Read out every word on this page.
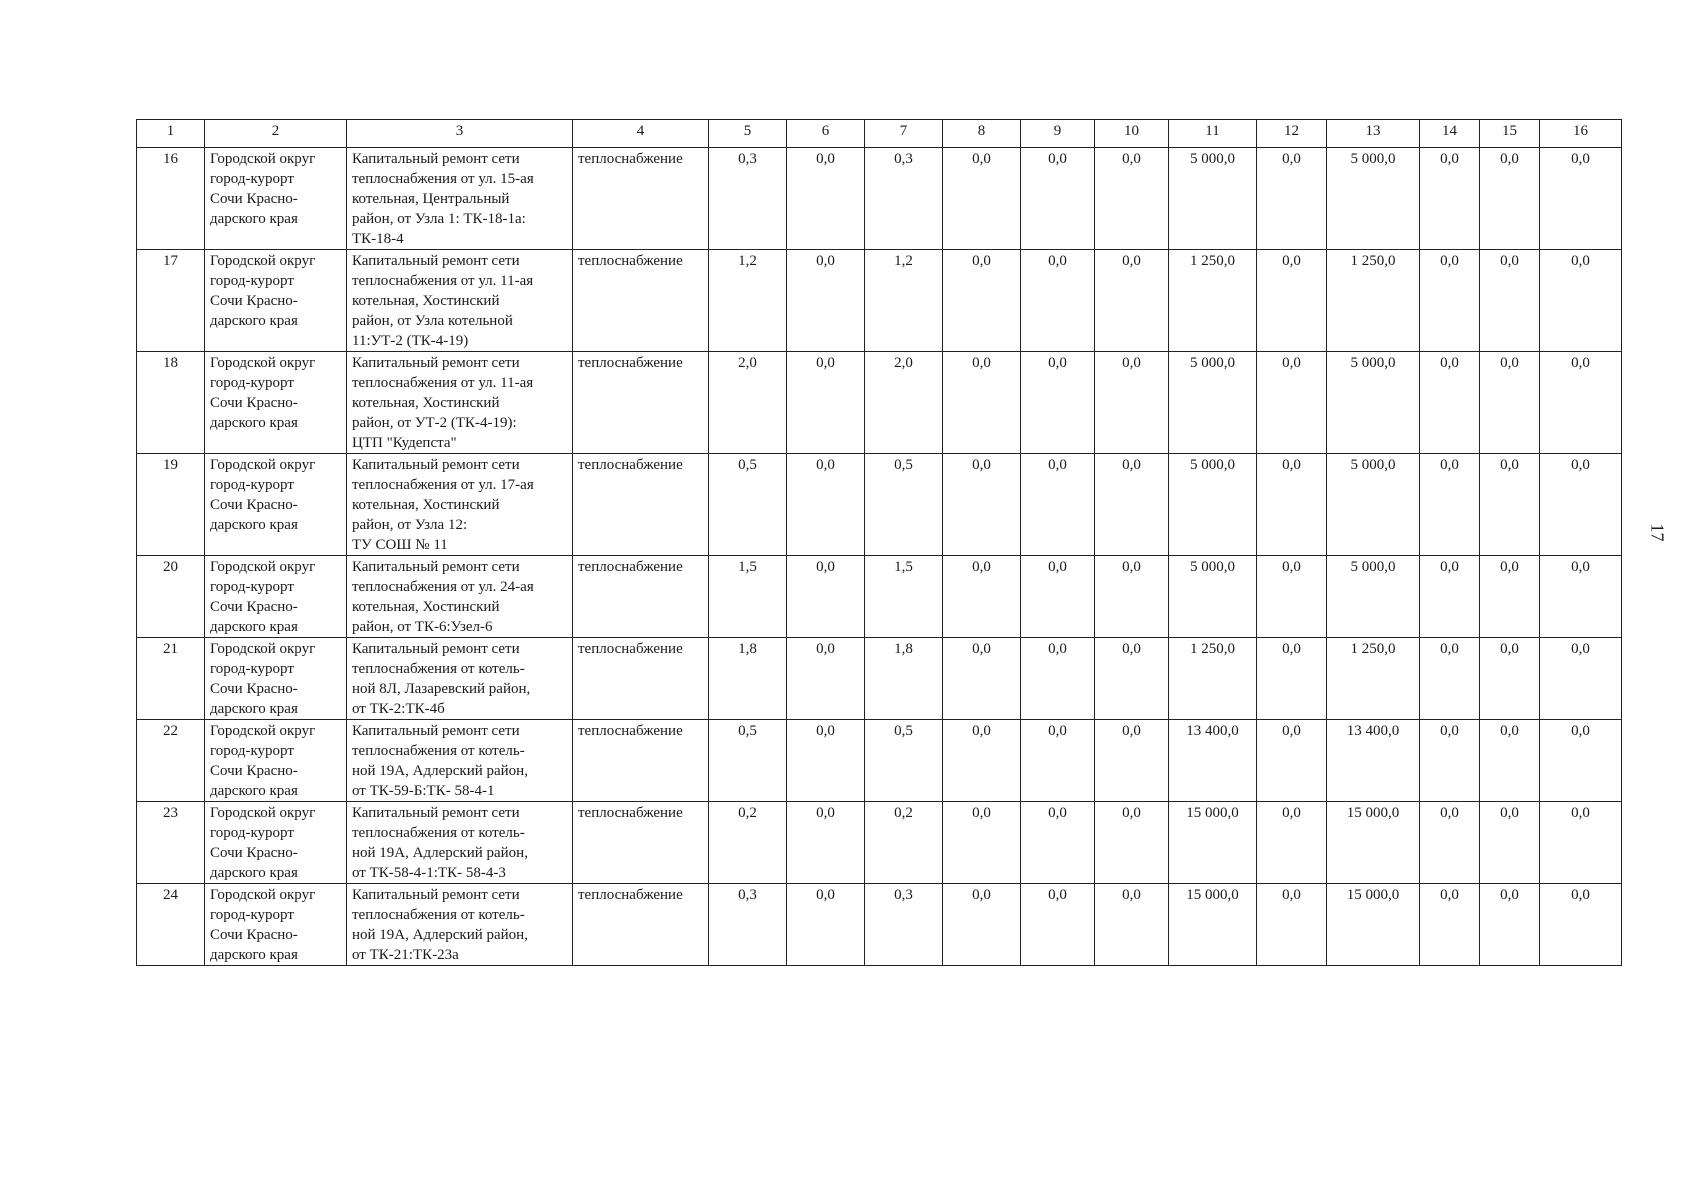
1	2	3	4	5	6	7	8	9	10	11	12	13	14	15	16
16	Городской округ
город-курорт
Сочи Красно-
дарского края	Капитальный ремонт сети
теплоснабжения от ул. 15-ая
котельная, Центральный
район, от Узла 1: ТК-18-1а:
ТК-18-4	теплоснабжение	0,3	0,0	0,3	0,0	0,0	0,0	5 000,0	0,0	5 000,0	0,0	0,0	0,0
17	Городской округ
город-курорт
Сочи Красно-
дарского края	Капитальный ремонт сети
теплоснабжения от ул. 11-ая
котельная, Хостинский
район, от Узла котельной
11:УТ-2 (ТК-4-19)	теплоснабжение	1,2	0,0	1,2	0,0	0,0	0,0	1 250,0	0,0	1 250,0	0,0	0,0	0,0
18	Городской округ
город-курорт
Сочи Красно-
дарского края	Капитальный ремонт сети
теплоснабжения от ул. 11-ая
котельная, Хостинский
район, от УТ-2 (ТК-4-19):
ЦТП "Кудепста"	теплоснабжение	2,0	0,0	2,0	0,0	0,0	0,0	5 000,0	0,0	5 000,0	0,0	0,0	0,0
19	Городской округ
город-курорт
Сочи Красно-
дарского края	Капитальный ремонт сети
теплоснабжения от ул. 17-ая
котельная, Хостинский
район, от Узла 12:
ТУ СОШ № 11	теплоснабжение	0,5	0,0	0,5	0,0	0,0	0,0	5 000,0	0,0	5 000,0	0,0	0,0	0,0
20	Городской округ
город-курорт
Сочи Красно-
дарского края	Капитальный ремонт сети
теплоснабжения от ул. 24-ая
котельная, Хостинский
район, от ТК-6:Узел-6	теплоснабжение	1,5	0,0	1,5	0,0	0,0	0,0	5 000,0	0,0	5 000,0	0,0	0,0	0,0
21	Городской округ
город-курорт
Сочи Красно-
дарского края	Капитальный ремонт сети
теплоснабжения от котель-
ной 8Л, Лазаревский район,
от ТК-2:ТК-4б	теплоснабжение	1,8	0,0	1,8	0,0	0,0	0,0	1 250,0	0,0	1 250,0	0,0	0,0	0,0
22	Городской округ
город-курорт
Сочи Красно-
дарского края	Капитальный ремонт сети
теплоснабжения от котель-
ной 19А, Адлерский район,
от ТК-59-Б:ТК- 58-4-1	теплоснабжение	0,5	0,0	0,5	0,0	0,0	0,0	13 400,0	0,0	13 400,0	0,0	0,0	0,0
23	Городской округ
город-курорт
Сочи Красно-
дарского края	Капитальный ремонт сети
теплоснабжения от котель-
ной 19А, Адлерский район,
от ТК-58-4-1:ТК- 58-4-3	теплоснабжение	0,2	0,0	0,2	0,0	0,0	0,0	15 000,0	0,0	15 000,0	0,0	0,0	0,0
24	Городской округ
город-курорт
Сочи Красно-
дарского края	Капитальный ремонт сети
теплоснабжения от котель-
ной 19А, Адлерский район,
от ТК-21:ТК-23а	теплоснабжение	0,3	0,0	0,3	0,0	0,0	0,0	15 000,0	0,0	15 000,0	0,0	0,0	0,0
17
